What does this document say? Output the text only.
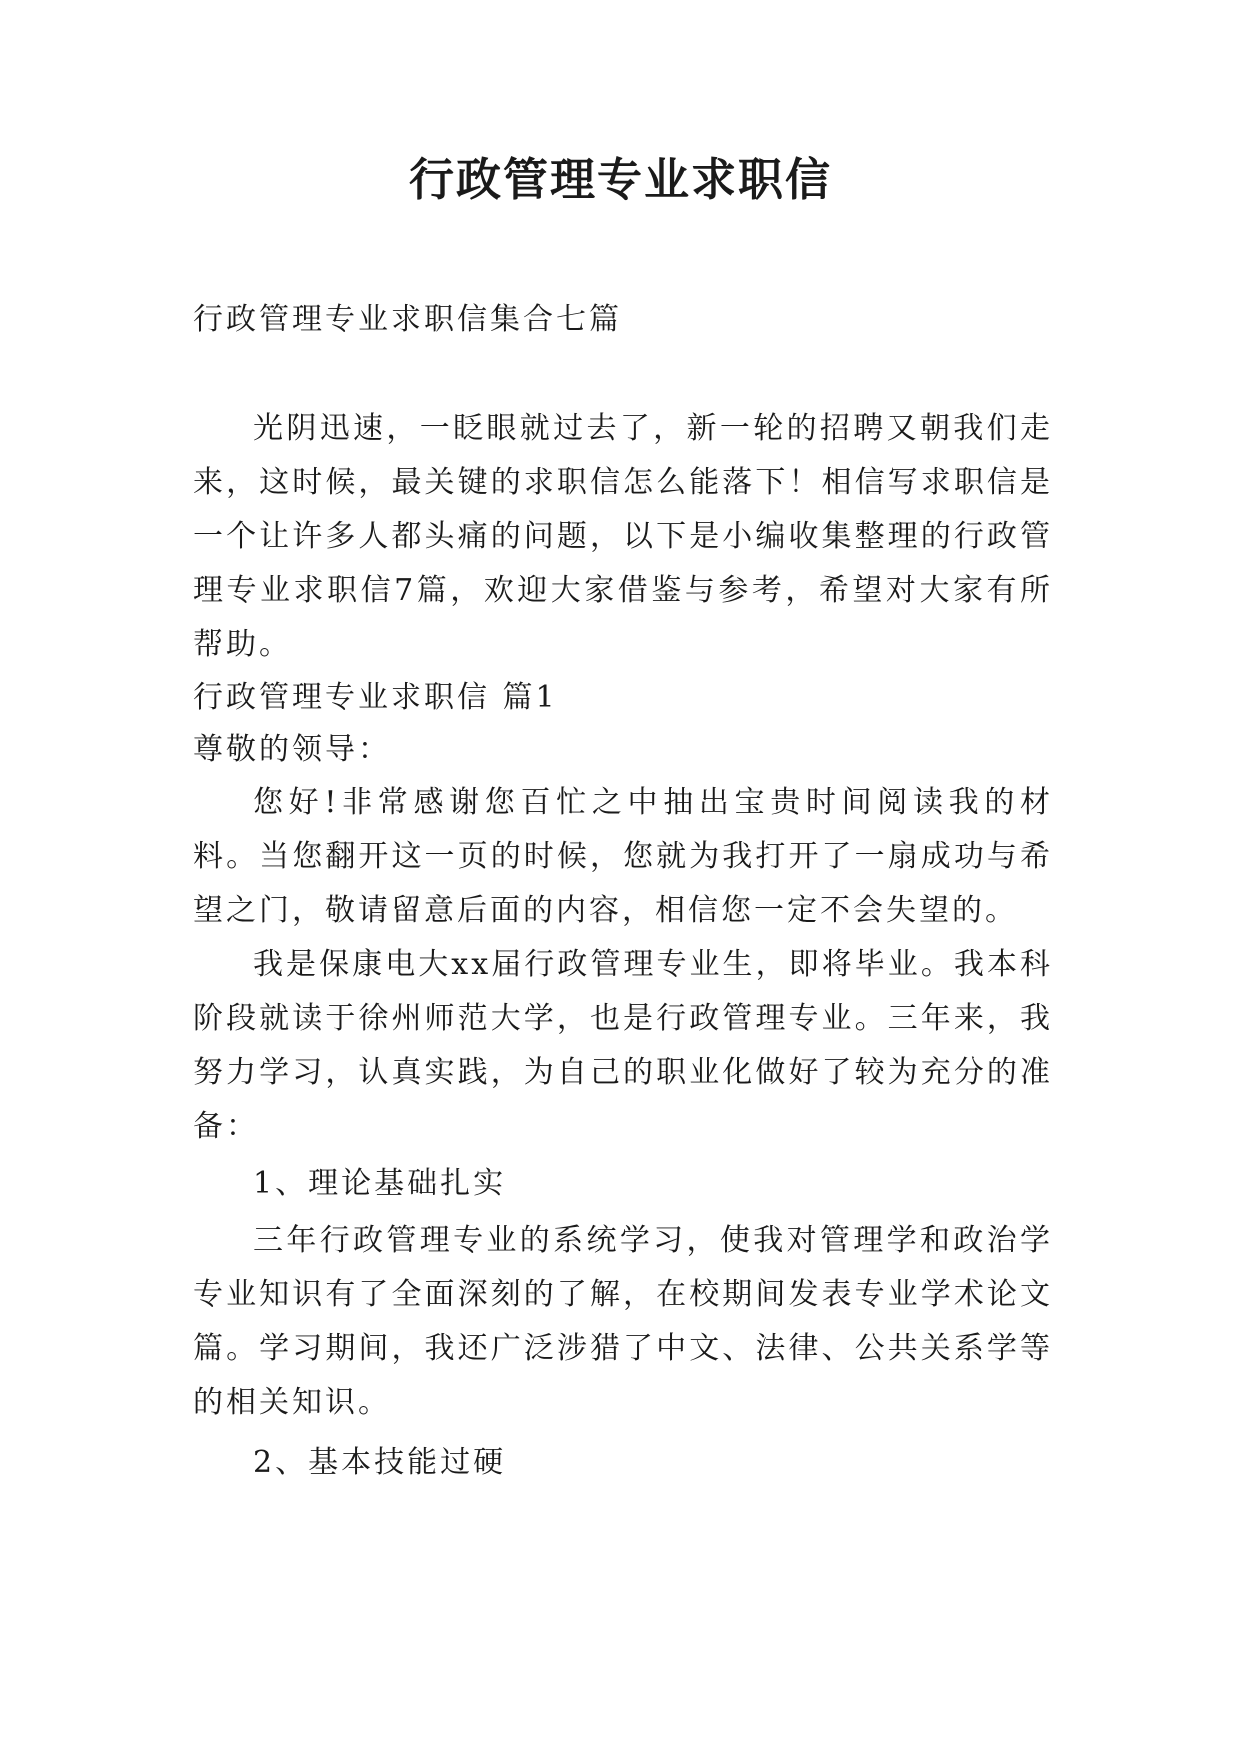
行政管理专业求职信

行政管理专业求职信集合七篇

光阴迅速，一眨眼就过去了，新一轮的招聘又朝我们走来，这时候，最关键的求职信怎么能落下！相信写求职信是一个让许多人都头痛的问题，以下是小编收集整理的行政管理专业求职信7篇，欢迎大家借鉴与参考，希望对大家有所帮助。

行政管理专业求职信 篇1

尊敬的领导：

您好!非常感谢您百忙之中抽出宝贵时间阅读我的材料。当您翻开这一页的时候，您就为我打开了一扇成功与希望之门，敬请留意后面的内容，相信您一定不会失望的。

我是保康电大xx届行政管理专业生，即将毕业。我本科阶段就读于徐州师范大学，也是行政管理专业。三年来，我努力学习，认真实践，为自己的职业化做好了较为充分的准备：

1、理论基础扎实

三年行政管理专业的系统学习，使我对管理学和政治学专业知识有了全面深刻的了解，在校期间发表专业学术论文篇。学习期间，我还广泛涉猎了中文、法律、公共关系学等的相关知识。

2、基本技能过硬
